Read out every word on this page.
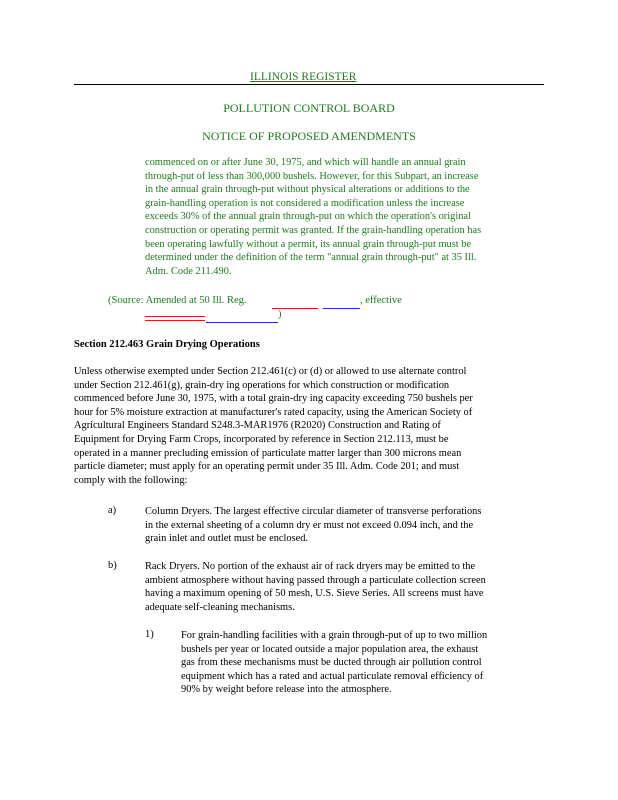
ILLINOIS REGISTER
POLLUTION CONTROL BOARD
NOTICE OF PROPOSED AMENDMENTS
commenced on or after June 30, 1975, and which will handle an annual grain
through-put of less than 300,000 bushels. However, for this Subpart, an increase
in the annual grain through-put without physical alterations or additions to the
grain-handling operation is not considered a modification unless the increase
exceeds 30% of the annual grain through-put on which the operation's original
construction or operating permit was granted. If the grain-handling operation has
been operating lawfully without a permit, its annual grain through-put must be
determined under the definition of the term "annual grain through-put" at 35 Ill.
Adm. Code 211.490.
(Source: Amended at 50 Ill. Reg.	, effective
)
Section 212.463 Grain Drying Operations
Unless otherwise exempted under Section 212.461(c) or (d) or allowed to use alternate control
under Section 212.461(g), grain-dry ing operations for which construction or modification
commenced before June 30, 1975, with a total grain-dry ing capacity exceeding 750 bushels per
hour for 5% moisture extraction at manufacturer's rated capacity, using the American Society of
Agricultural Engineers Standard S248.3-MAR1976 (R2020) Construction and Rating of
Equipment for Drying Farm Crops, incorporated by reference in Section 212.113, must be
operated in a manner precluding emission of particulate matter larger than 300 microns mean
particle diameter; must apply for an operating permit under 35 Ill. Adm. Code 201; and must
comply with the following:
a)	Column Dryers. The largest effective circular diameter of transverse perforations
in the external sheeting of a column dry er must not exceed 0.094 inch, and the
grain inlet and outlet must be enclosed.
b)	Rack Dryers. No portion of the exhaust air of rack dryers may be emitted to the
ambient atmosphere without having passed through a particulate collection screen
having a maximum opening of 50 mesh, U.S. Sieve Series. All screens must have
adequate self-cleaning mechanisms.
1)	For grain-handling facilities with a grain through-put of up to two million
bushels per year or located outside a major population area, the exhaust
gas from these mechanisms must be ducted through air pollution control
equipment which has a rated and actual particulate removal efficiency of
90% by weight before release into the atmosphere.
